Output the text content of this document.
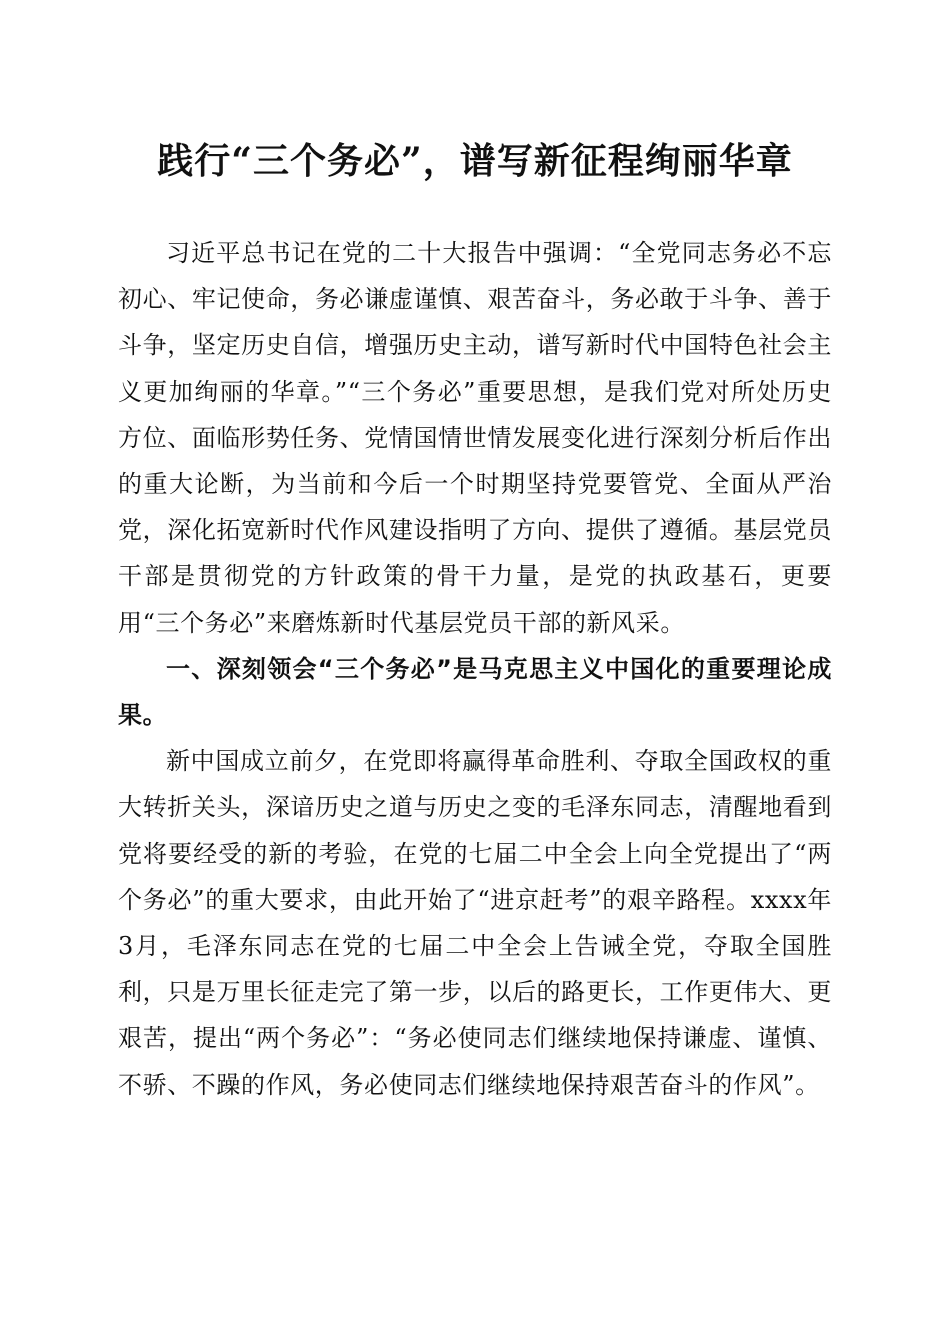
践行“三个务必”，谱写新征程绚丽华章

习近平总书记在党的二十大报告中强调：“全党同志务必不忘初心、牢记使命，务必谦虚谨慎、艰苦奋斗，务必敢于斗争、善于斗争，坚定历史自信，增强历史主动，谱写新时代中国特色社会主义更加绚丽的华章。”“三个务必”重要思想，是我们党对所处历史方位、面临形势任务、党情国情世情发展变化进行深刻分析后作出的重大论断，为当前和今后一个时期坚持党要管党、全面从严治党，深化拓宽新时代作风建设指明了方向、提供了遵循。基层党员干部是贯彻党的方针政策的骨干力量，是党的执政基石，更要用“三个务必”来磨炼新时代基层党员干部的新风采。

一、深刻领会“三个务必”是马克思主义中国化的重要理论成果。

新中国成立前夕，在党即将赢得革命胜利、夺取全国政权的重大转折关头，深谙历史之道与历史之变的毛泽东同志，清醒地看到党将要经受的新的考验，在党的七届二中全会上向全党提出了“两个务必”的重大要求，由此开始了“进京赶考”的艰辛路程。xxxx年3月，毛泽东同志在党的七届二中全会上告诫全党，夺取全国胜利，只是万里长征走完了第一步，以后的路更长，工作更伟大、更艰苦，提出“两个务必”：“务必使同志们继续地保持谦虚、谨慎、不骄、不躁的作风，务必使同志们继续地保持艰苦奋斗的作风”。
